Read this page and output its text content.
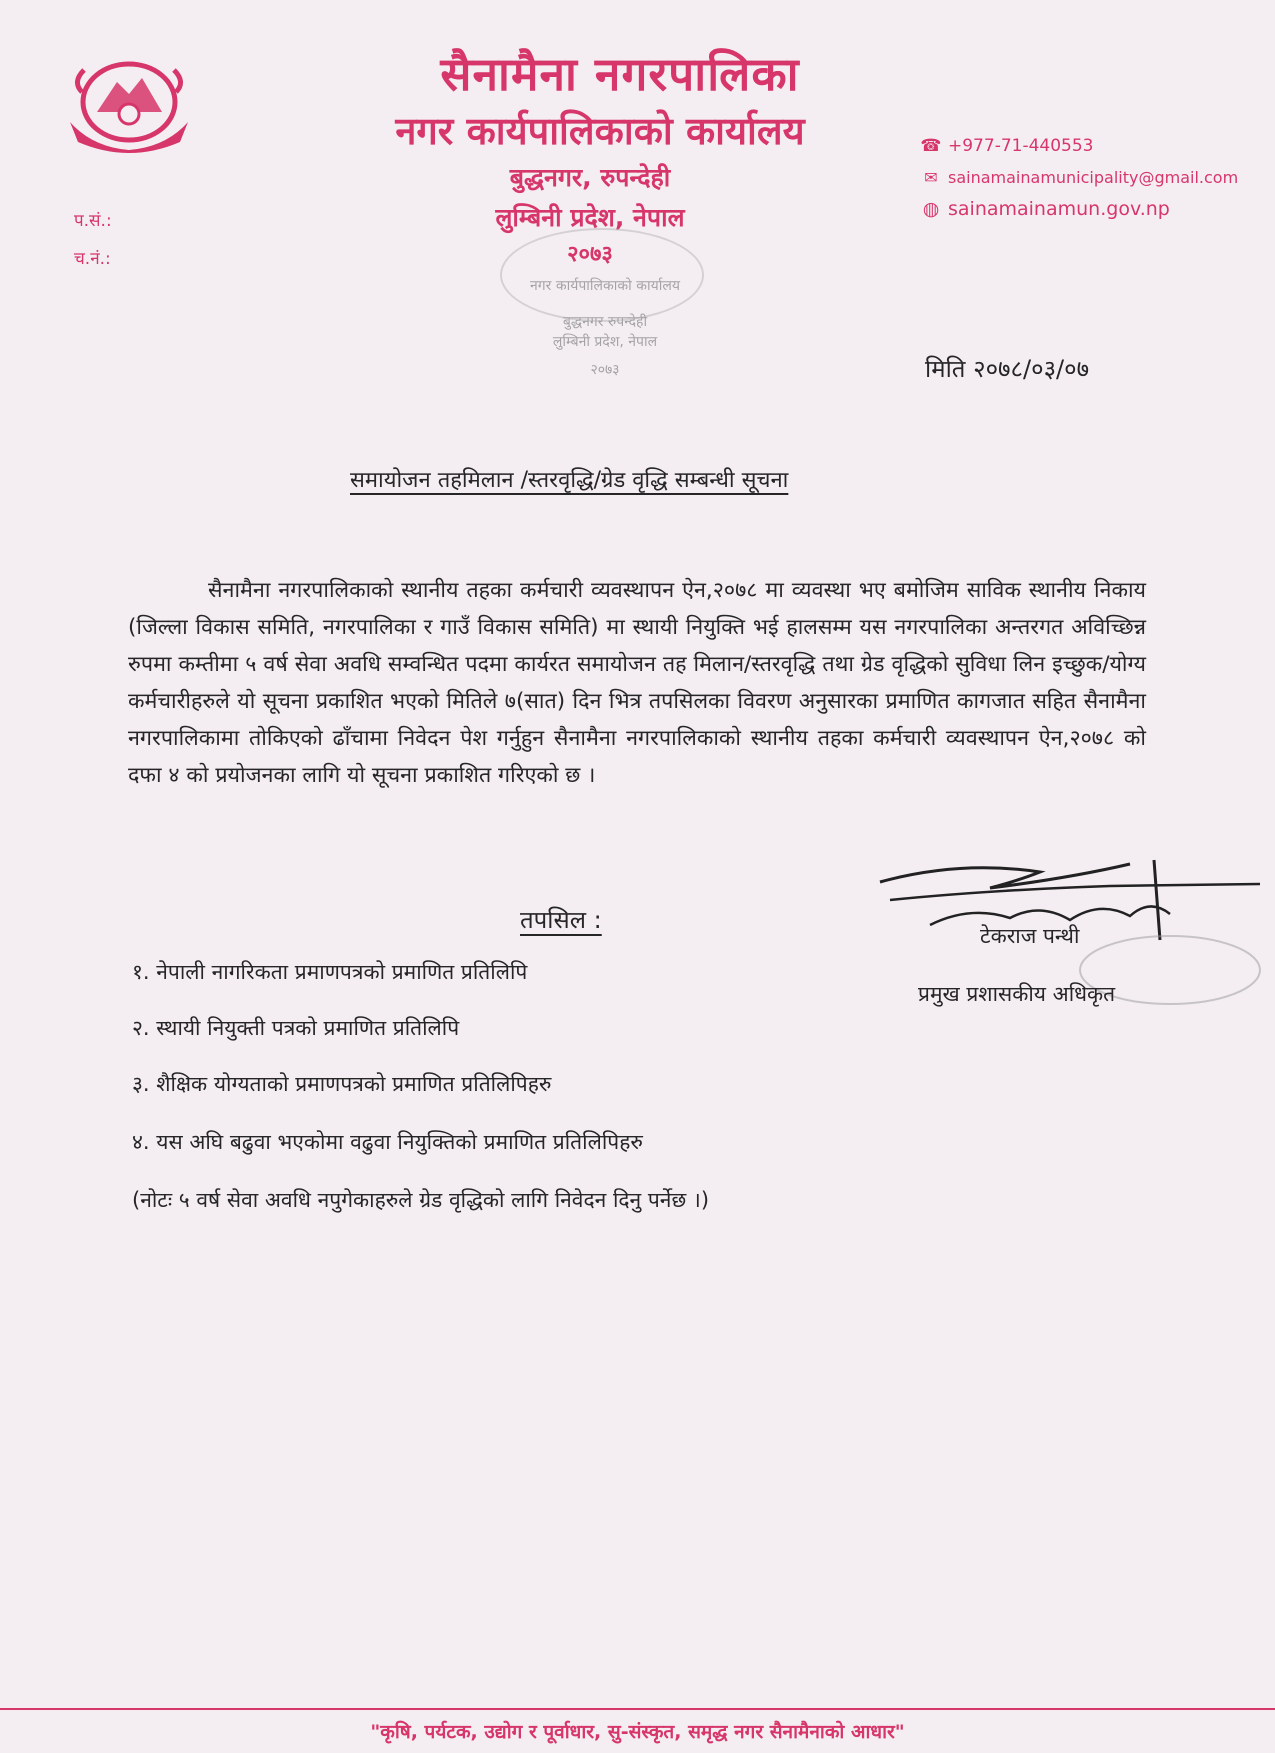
सैनामैना नगरपालिका
नगर कार्यपालिकाको कार्यालय
बुद्धनगर, रुपन्देही
लुम्बिनी प्रदेश, नेपाल
२०७३
☎ +977-71-440553
✉ sainamainamunicipality@gmail.com
◍ sainamainamun.gov.np
प.सं.:
च.नं.:
नगर कार्यपालिकाको कार्यालय
बुद्धनगर रुपन्देही
लुम्बिनी प्रदेश, नेपाल
२०७३	मिति २०७८/०३/०७
समायोजन तहमिलान /स्तरवृद्धि/ग्रेड वृद्धि सम्बन्धी सूचना
सैनामैना नगरपालिकाको स्थानीय तहका कर्मचारी व्यवस्थापन ऐन,२०७८ मा व्यवस्था भए बमोजिम साविक स्थानीय निकाय (जिल्ला विकास समिति, नगरपालिका र गाउँ विकास समिति) मा स्थायी नियुक्ति भई हालसम्म यस नगरपालिका अन्तरगत अविच्छिन्न रुपमा कम्तीमा ५ वर्ष सेवा अवधि सम्वन्धित पदमा कार्यरत समायोजन तह मिलान/स्तरवृद्धि तथा ग्रेड वृद्धिको सुविधा लिन इच्छुक/योग्य कर्मचारीहरुले यो सूचना प्रकाशित भएको मितिले ७(सात) दिन भित्र तपसिलका विवरण अनुसारका प्रमाणित कागजात सहित सैनामैना नगरपालिकामा तोकिएको ढाँचामा निवेदन पेश गर्नुहुन सैनामैना नगरपालिकाको स्थानीय तहका कर्मचारी व्यवस्थापन ऐन,२०७८ को दफा ४ को प्रयोजनका लागि यो सूचना प्रकाशित गरिएको छ ।
तपसिल :
१. नेपाली नागरिकता प्रमाणपत्रको प्रमाणित प्रतिलिपि
२. स्थायी नियुक्ती पत्रको प्रमाणित प्रतिलिपि
३. शैक्षिक योग्यताको प्रमाणपत्रको प्रमाणित प्रतिलिपिहरु
४. यस अघि बढुवा भएकोमा वढुवा नियुक्तिको प्रमाणित प्रतिलिपिहरु
(नोटः ५ वर्ष सेवा अवधि नपुगेकाहरुले ग्रेड वृद्धिको लागि निवेदन दिनु पर्नेछ ।)
२०७८/३/६ टेकराज पन्थी
प्रमुख प्रशासकीय अधिकृत
"कृषि, पर्यटक, उद्योग र पूर्वाधार, सु-संस्कृत, समृद्ध नगर सैनामैनाको आधार"
